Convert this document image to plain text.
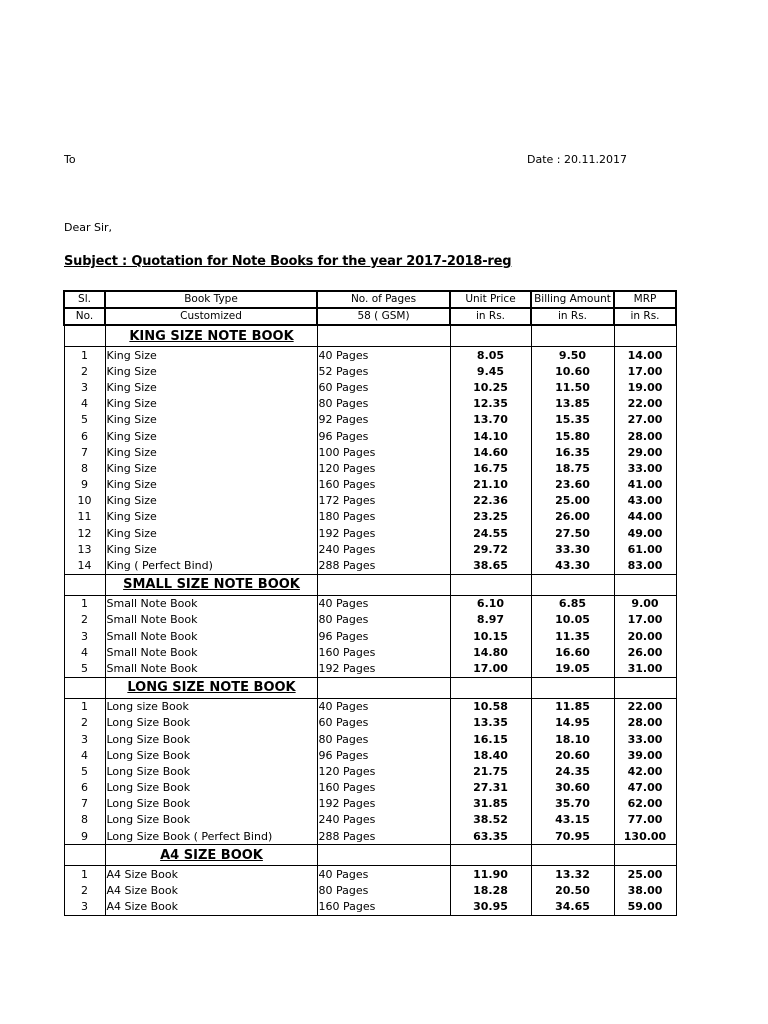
To	Date : 20.11.2017
Dear Sir,
Subject : Quotation for Note Books for the year 2017-2018-reg
Sl.	Book Type	No. of Pages	Unit Price	Billing Amount	MRP
No.	Customized	58 ( GSM)	in Rs.	in Rs.	in Rs.
	KING SIZE NOTE BOOK				
1	King Size	40 Pages	8.05	9.50	14.00
2	King Size	52 Pages	9.45	10.60	17.00
3	King Size	60 Pages	10.25	11.50	19.00
4	King Size	80 Pages	12.35	13.85	22.00
5	King Size	92 Pages	13.70	15.35	27.00
6	King Size	96 Pages	14.10	15.80	28.00
7	King Size	100 Pages	14.60	16.35	29.00
8	King Size	120 Pages	16.75	18.75	33.00
9	King Size	160 Pages	21.10	23.60	41.00
10	King Size	172 Pages	22.36	25.00	43.00
11	King Size	180 Pages	23.25	26.00	44.00
12	King Size	192 Pages	24.55	27.50	49.00
13	King Size	240 Pages	29.72	33.30	61.00
14	King ( Perfect Bind)	288 Pages	38.65	43.30	83.00
	SMALL SIZE NOTE BOOK				
1	Small Note Book	40 Pages	6.10	6.85	9.00
2	Small Note Book	80 Pages	8.97	10.05	17.00
3	Small Note Book	96 Pages	10.15	11.35	20.00
4	Small Note Book	160 Pages	14.80	16.60	26.00
5	Small Note Book	192 Pages	17.00	19.05	31.00
	LONG SIZE NOTE BOOK				
1	Long size Book	40 Pages	10.58	11.85	22.00
2	Long Size Book	60 Pages	13.35	14.95	28.00
3	Long Size Book	80 Pages	16.15	18.10	33.00
4	Long Size Book	96 Pages	18.40	20.60	39.00
5	Long Size Book	120 Pages	21.75	24.35	42.00
6	Long Size Book	160 Pages	27.31	30.60	47.00
7	Long Size Book	192 Pages	31.85	35.70	62.00
8	Long Size Book	240 Pages	38.52	43.15	77.00
9	Long Size Book ( Perfect Bind)	288 Pages	63.35	70.95	130.00
	A4 SIZE BOOK				
1	A4 Size Book	40 Pages	11.90	13.32	25.00
2	A4 Size Book	80 Pages	18.28	20.50	38.00
3	A4 Size Book	160 Pages	30.95	34.65	59.00
